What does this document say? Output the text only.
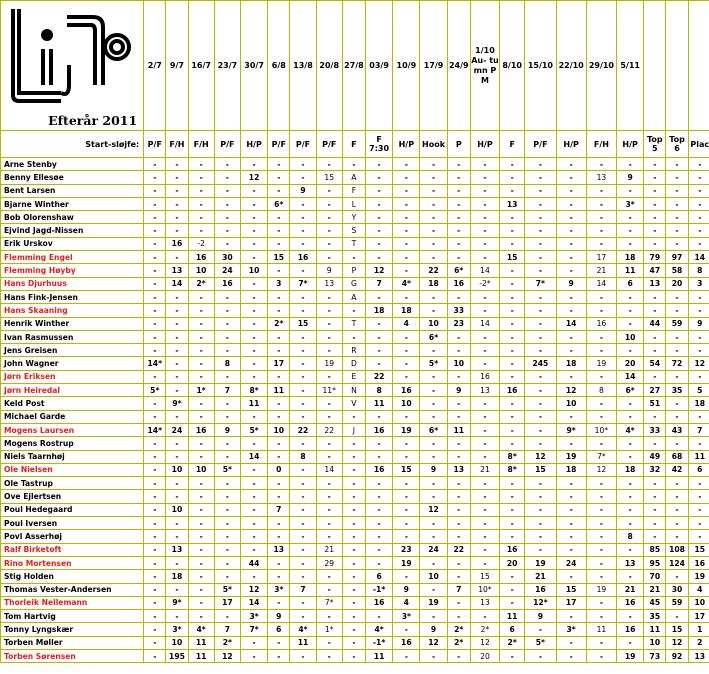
Efterår 2011	2/7	9/7	16/7	23/7	30/7	6/8	13/8	20/8	27/8	03/9	10/9	17/9	24/9	1/10 Au- tumn PM	8/10	15/10	22/10	29/10	5/11			
Start-sløjfe:	P/F	F/H	F/H	P/F	H/P	P/F	P/F	P/F	F	F 7:30	H/P	Hook	P	H/P	F	P/F	H/P	F/H	H/P	Top 5	Top 6	Plac
Arne Stenby	-	-	-	-	-	-	-	-	-	-	-	-	-	-	-	-	-	-	-	-	-	-
Benny Ellesøe	-	-	-	-	12	-	-	15	A	-	-	-	-	-	-	-	-	13	9	-	-	-
Bent Larsen	-	-	-	-	-	-	9	-	F	-	-	-	-	-	-	-	-	-	-	-	-	-
Bjarne Winther	-	-	-	-	-	6*	-	-	L	-	-	-	-	-	13	-	-	-	3*	-	-	-
Bob Olorenshaw	-	-	-	-	-	-	-	-	Y	-	-	-	-	-	-	-	-	-	-	-	-	-
Ejvind Jagd-Nissen	-	-	-	-	-	-	-	-	S	-	-	-	-	-	-	-	-	-	-	-	-	-
Erik Urskov	-	16	-2	-	-	-	-	-	T	-	-	-	-	-	-	-	-	-	-	-	-	-
Flemming Engel	-	-	16	30	-	15	16	-	-	-	-	-	-	-	15	-	-	17	18	79	97	14
Flemming Høyby	-	13	10	24	10	-	-	9	P	12	-	22	6*	14	-	-	-	21	11	47	58	8
Hans Djurhuus	-	14	2*	16	-	3	7*	13	G	7	4*	18	16	-2*	-	7*	9	14	6	13	20	3
Hans Fink-Jensen	-	-	-	-	-	-	-	-	A	-	-	-	-	-	-	-	-	-	-	-	-	-
Hans Skaaning	-	-	-	-	-	-	-	-	-	18	18	-	33	-	-	-	-	-	-	-	-	-
Henrik Winther	-	-	-	-	-	2*	15	-	T	-	4	10	23	14	-	-	14	16	-	44	59	9
Ivan Rasmussen	-	-	-	-	-	-	-	-	-	-	-	6*	-	-	-	-	-	-	10	-	-	-
Jens Greisen	-	-	-	-	-	-	-	-	R	-	-	-	-	-	-	-	-	-	-	-	-	-
John Wagner	14*	-	-	8	-	17	-	19	D	-	-	5*	10	-	-	245	18	19	20	54	72	12
Jørn Eriksen	-	-	-	-	-	-	-	-	E	22	-	-	-	16	-	-	-	-	14	-	-	-
Jørn Heiredal	5*	-	1*	7	8*	11	-	11*	N	8	16	-	9	13	16	-	12	8	6*	27	35	5
Keld Post	-	9*	-	-	11	-	-	-	V	11	10	-	-	-	-	-	10	-	-	51	-	18
Michael Garde	-	-	-	-	-	-	-	-	-	-	-	-	-	-	-	-	-	-	-	-	-	-
Mogens Laursen	14*	24	16	9	5*	10	22	22	J	16	19	6*	11	-	-	-	9*	10*	4*	33	43	7
Mogens Rostrup	-	-	-	-	-	-	-	-	-	-	-	-	-	-	-	-	-	-	-	-	-	-
Niels Taarnhøj	-	-	-	-	14	-	8	-	-	-	-	-	-	-	8*	12	19	7*	-	49	68	11
Ole Nielsen	-	10	10	5*	-	0	-	14	-	16	15	9	13	21	8*	15	18	12	18	32	42	6
Ole Tastrup	-	-	-	-	-	-	-	-	-	-	-	-	-	-	-	-	-	-	-	-	-	-
Ove Ejlertsen	-	-	-	-	-	-	-	-	-	-	-	-	-	-	-	-	-	-	-	-	-	-
Poul Hedegaard	-	10	-	-	-	7	-	-	-	-	-	12	-	-	-	-	-	-	-	-	-	-
Poul Iversen	-	-	-	-	-	-	-	-	-	-	-	-	-	-	-	-	-	-	-	-	-	-
Povl Asserhøj	-	-	-	-	-	-	-	-	-	-	-	-	-	-	-	-	-	-	8	-	-	-
Ralf Birketoft	-	13	-	-	-	13	-	21	-	-	23	24	22	-	16	-	-	-	-	85	108	15
Rino Mortensen	-	-	-	-	44	-	-	29	-	-	19	-	-	-	20	19	24	-	13	95	124	16
Stig Holden	-	18	-	-	-	-	-	-	-	6	-	10	-	15	-	21	-	-	-	70	-	19
Thomas Vester-Andersen	-	-	-	5*	12	3*	7	-	-	-1*	9	-	7	10*	-	16	15	19	21	21	30	4
Thorleik Nellemann	-	9*	-	17	14	-	-	7*	-	16	4	19	-	13	-	12*	17	-	16	45	59	10
Tom Hartvig	-	-	-	-	3*	9	-	-	-	-	3*	-	-	-	11	9	-	-	-	35	-	17
Tonny Lyngskær	-	3*	4*	7	7*	6	4*	1*	-	4*	-	9	2*	2*	6	-	3*	11	16	11	15	1
Torben Møller	-	10	11	2*	-	-	11	-	-	-1*	16	12	2*	12	2*	5*	-	-	-	10	12	2
Torben Sørensen	-	195	11	12	-	-	-	-	-	11	-	-	-	20	-	-	-	-	19	73	92	13
